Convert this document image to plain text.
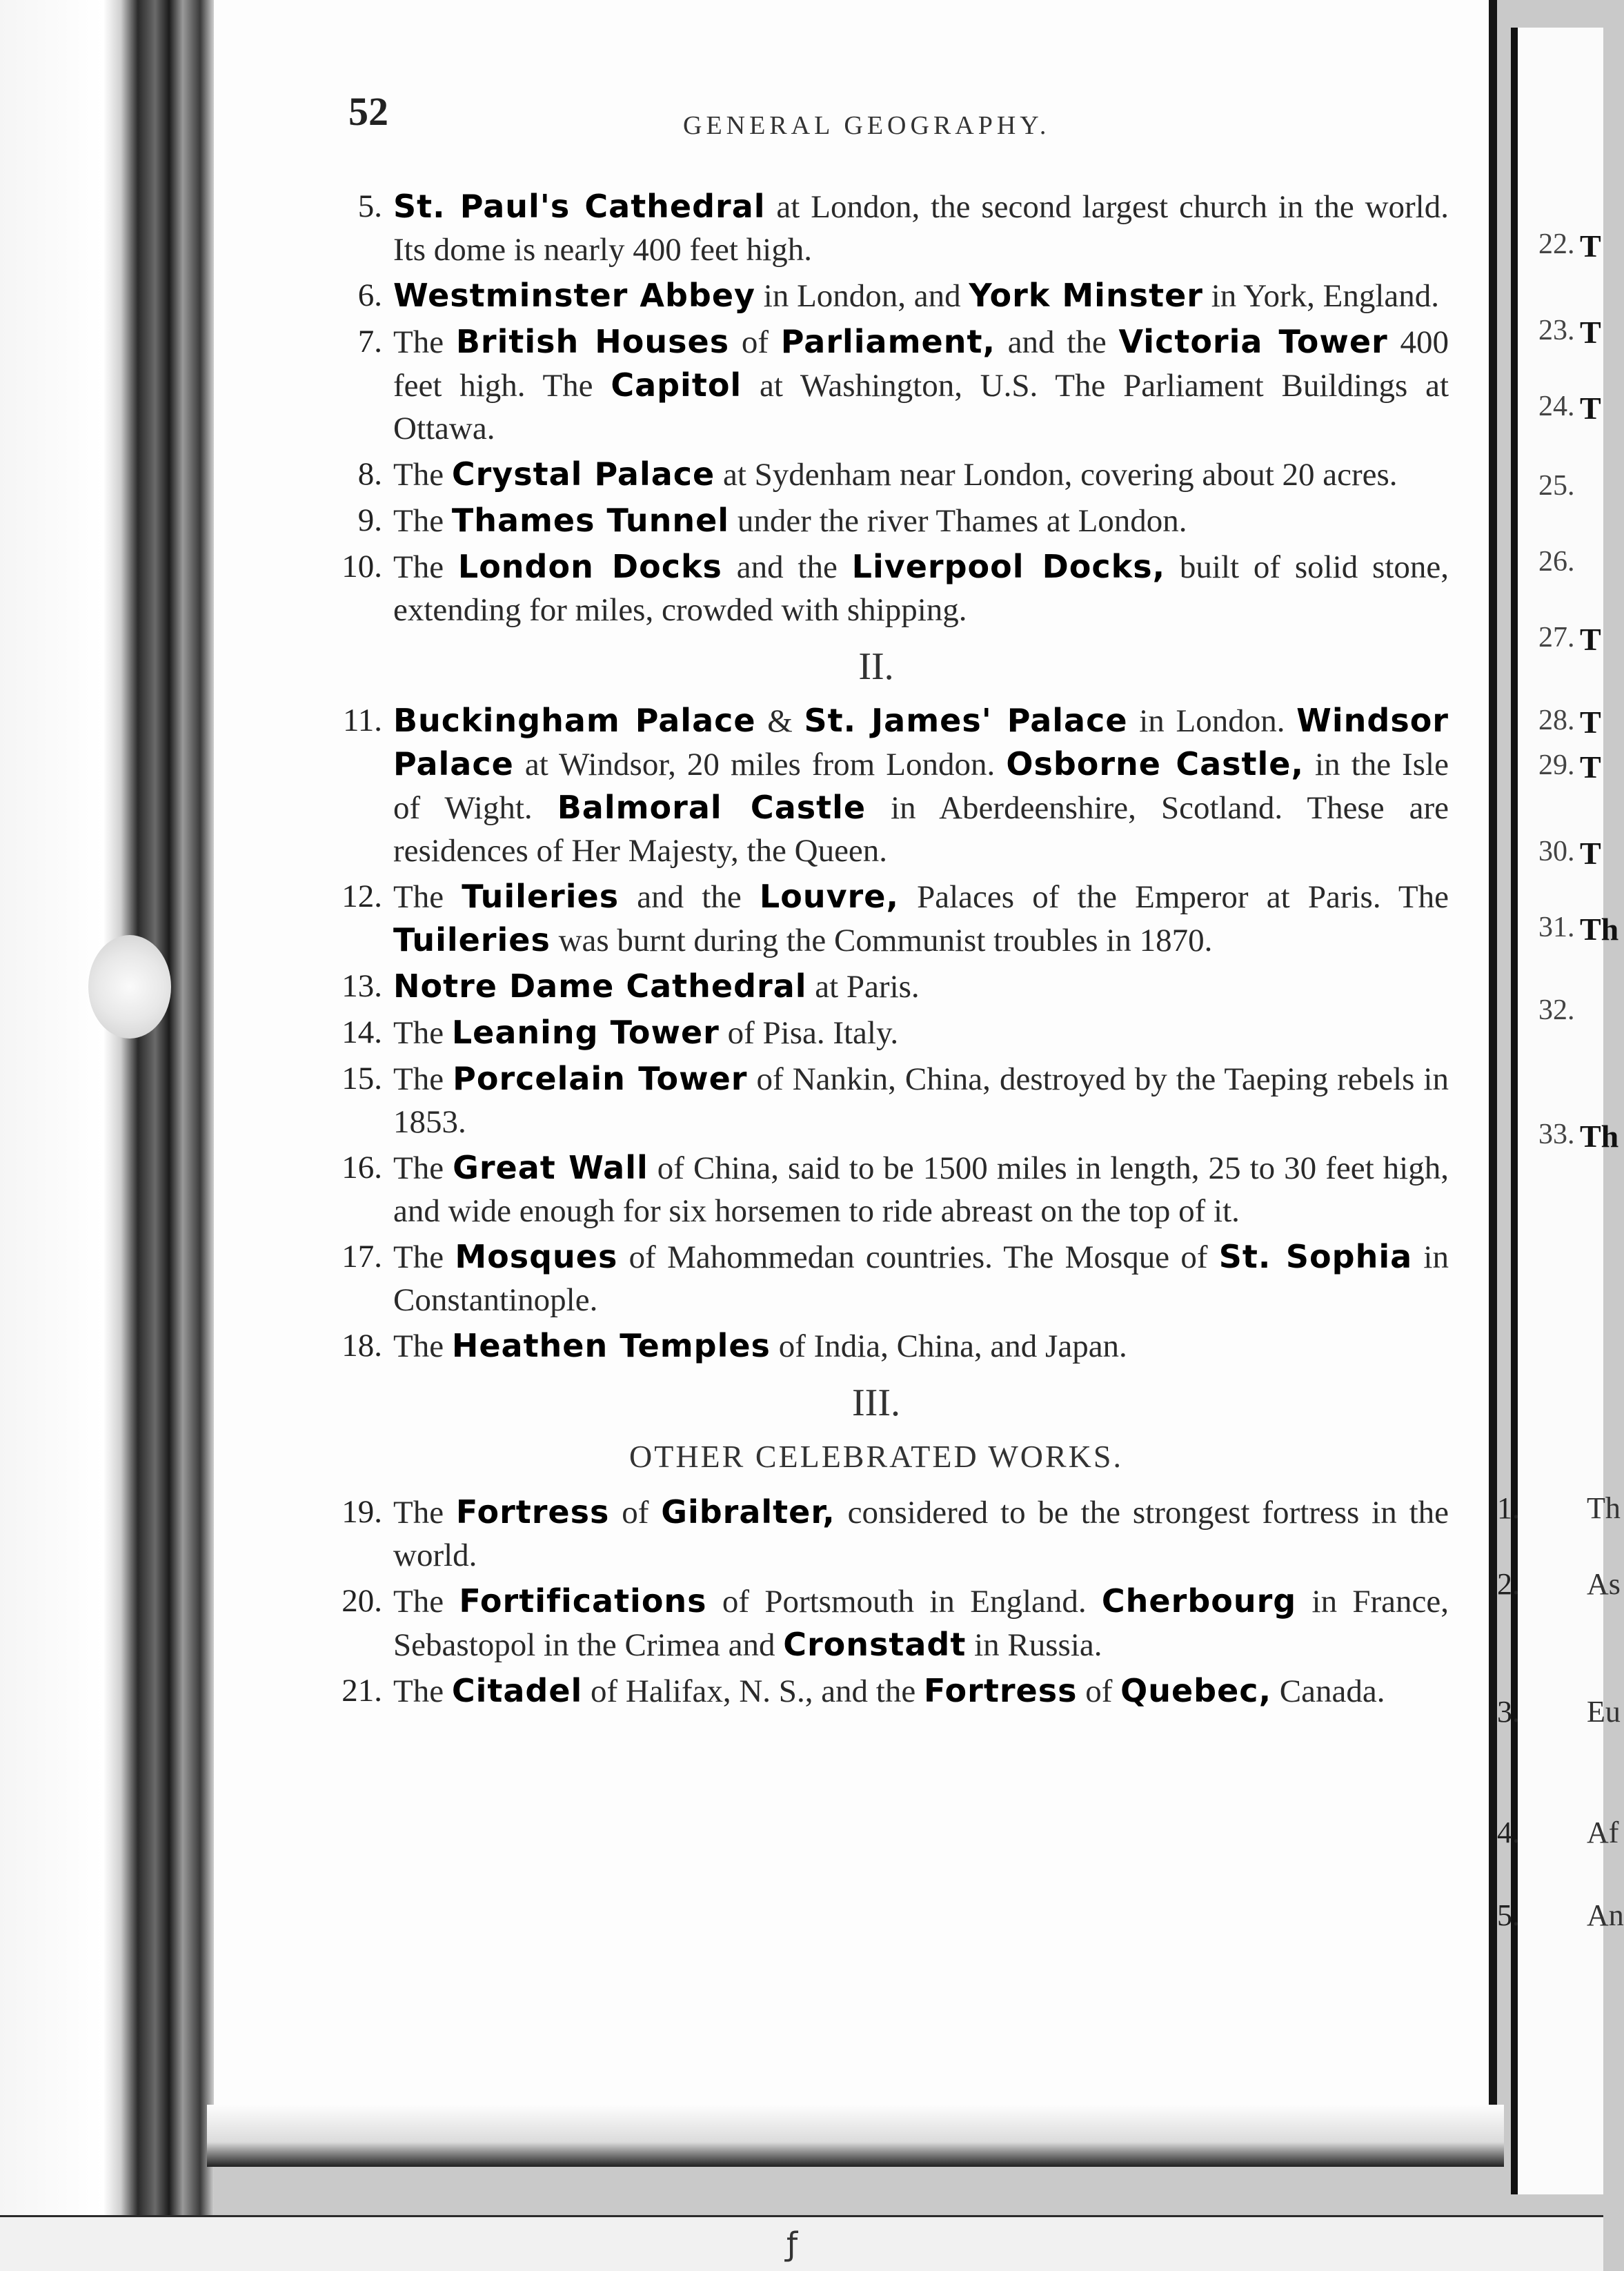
ƒ
52	GENERAL GEOGRAPHY.
5. St. Paul's Cathedral at London, the second largest church in the world. Its dome is nearly 400 feet high.
6. Westminster Abbey in London, and York Minster in York, England.
7. The British Houses of Parliament, and the Victoria Tower 400 feet high. The Capitol at Washington, U.S. The Parliament Buildings at Ottawa.
8. The Crystal Palace at Sydenham near London, covering about 20 acres.
9. The Thames Tunnel under the river Thames at London.
10. The London Docks and the Liverpool Docks, built of solid stone, extending for miles, crowded with shipping.
II.
11. Buckingham Palace & St. James' Palace in London. Windsor Palace at Windsor, 20 miles from London. Osborne Castle, in the Isle of Wight. Balmoral Castle in Aberdeenshire, Scotland. These are residences of Her Majesty, the Queen.
12. The Tuileries and the Louvre, Palaces of the Emperor at Paris. The Tuileries was burnt during the Communist troubles in 1870.
13. Notre Dame Cathedral at Paris.
14. The Leaning Tower of Pisa. Italy.
15. The Porcelain Tower of Nankin, China, destroyed by the Taeping rebels in 1853.
16. The Great Wall of China, said to be 1500 miles in length, 25 to 30 feet high, and wide enough for six horsemen to ride abreast on the top of it.
17. The Mosques of Mahommedan countries. The Mosque of St. Sophia in Constantinople.
18. The Heathen Temples of India, China, and Japan.
III.
OTHER CELEBRATED WORKS.
19. The Fortress of Gibralter, considered to be the strongest fortress in the world.
20. The Fortifications of Portsmouth in England. Cherbourg in France, Sebastopol in the Crimea and Cronstadt in Russia.
21. The Citadel of Halifax, N. S., and the Fortress of Quebec, Canada.
22. T
23. T
24. T
25.
26.
27. T
28. T
29. T
30. T
31. Th
32.
33. Th
1. Th
2. As
3. Eu
4. Af
5. An
